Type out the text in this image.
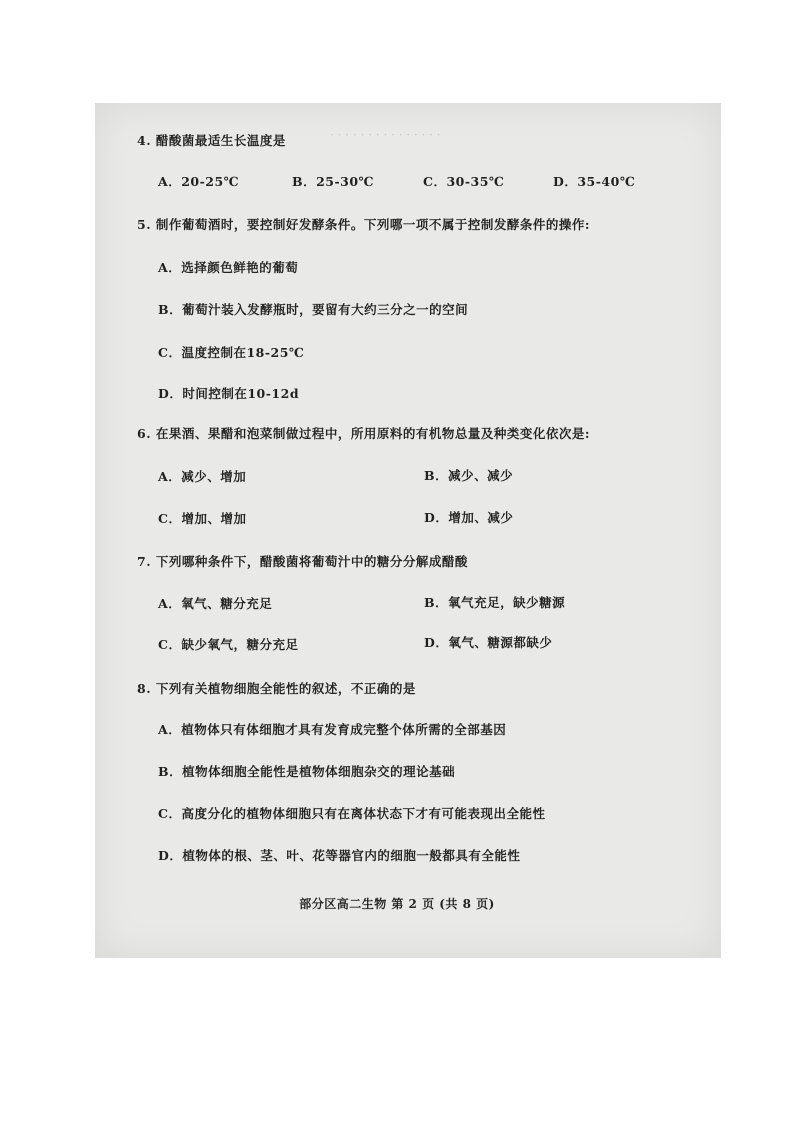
· · · · · · · · · · · · · · ·
4. 醋酸菌最适生长温度是
A．20-25℃	B．25-30℃	C．30-35℃	D．35-40℃
5. 制作葡萄酒时，要控制好发酵条件。下列哪一项不属于控制发酵条件的操作:
A．选择颜色鲜艳的葡萄
B．葡萄汁装入发酵瓶时，要留有大约三分之一的空间
C．温度控制在18-25℃
D．时间控制在10-12d
6. 在果酒、果醋和泡菜制做过程中，所用原料的有机物总量及种类变化依次是:
A．减少、增加	B．减少、减少
C．增加、增加	D．增加、减少
7. 下列哪种条件下，醋酸菌将葡萄汁中的糖分分解成醋酸
A．氧气、糖分充足	B．氧气充足，缺少糖源
C．缺少氧气，糖分充足	D．氧气、糖源都缺少
8. 下列有关植物细胞全能性的叙述，不正确的是
A．植物体只有体细胞才具有发育成完整个体所需的全部基因
B．植物体细胞全能性是植物体细胞杂交的理论基础
C．高度分化的植物体细胞只有在离体状态下才有可能表现出全能性
D．植物体的根、茎、叶、花等器官内的细胞一般都具有全能性
部分区高二生物 第 2 页 (共 8 页)
